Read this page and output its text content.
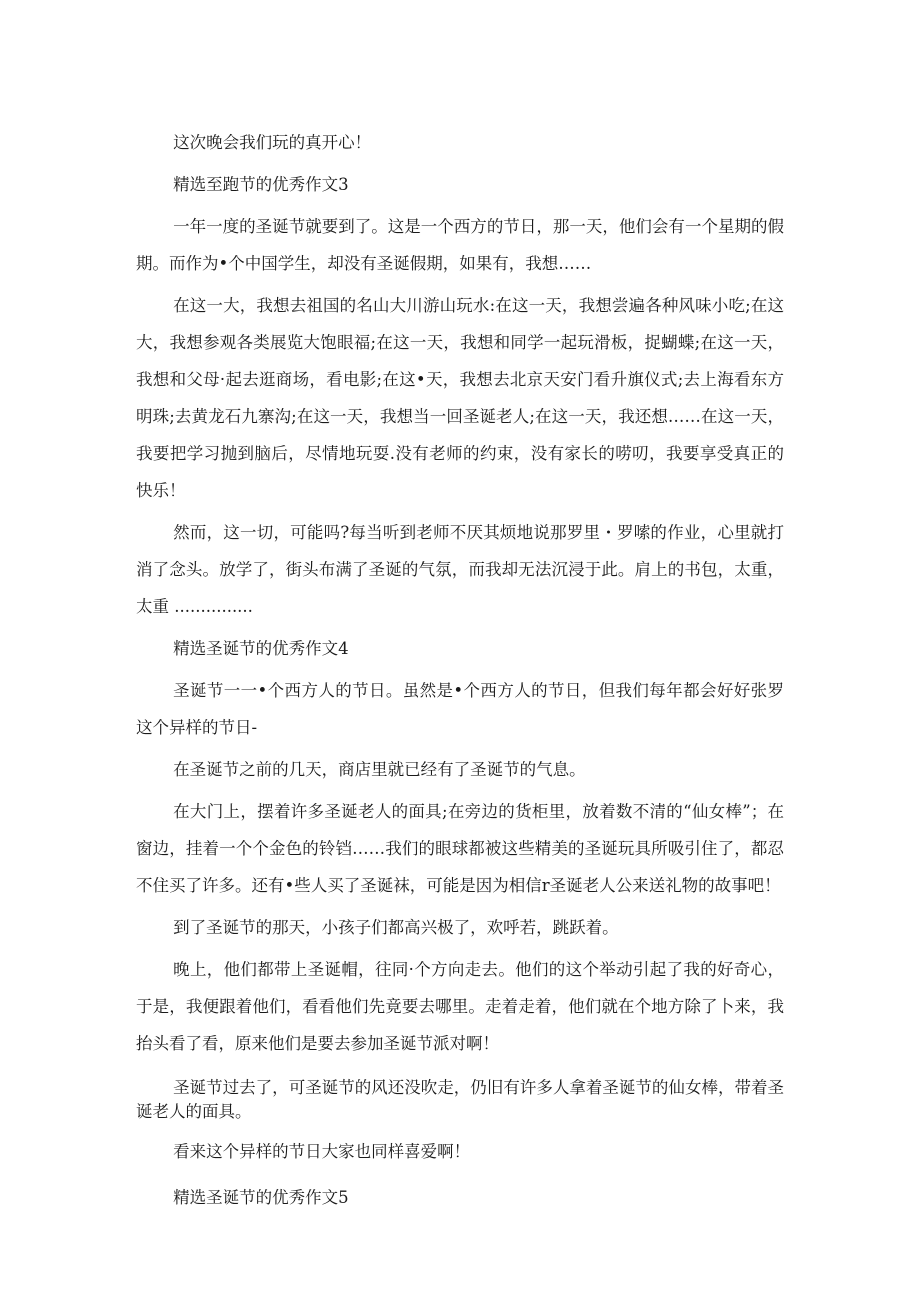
这次晚会我们玩的真开心！

精选至跑节的优秀作文3

一年一度的圣诞节就要到了。这是一个西方的节日，那一天，他们会有一个星期的假期。而作为•个中国学生，却没有圣诞假期，如果有，我想……

在这一大，我想去祖国的名山大川游山玩水:在这一天，我想尝遍各种风味小吃;在这大，我想参观各类展览大饱眼福;在这一天，我想和同学一起玩滑板，捉蝴蝶;在这一天，我想和父母·起去逛商场，看电影;在这•天，我想去北京天安门看升旗仪式;去上海看东方明珠;去黄龙石九寨沟;在这一天，我想当一回圣诞老人;在这一天，我还想……在这一天，我要把学习抛到脑后，尽情地玩耍.没有老师的约束，没有家长的唠叨，我要享受真正的快乐！

然而，这一切，可能吗?每当听到老师不厌其烦地说那罗里・罗嗦的作业，心里就打消了念头。放学了，街头布满了圣诞的气氛，而我却无法沉浸于此。肩上的书包，太重，太重 ...............

精选圣诞节的优秀作文4

圣诞节一一•个西方人的节日。虽然是•个西方人的节日，但我们每年都会好好张罗这个异样的节日-

在圣诞节之前的几天，商店里就已经有了圣诞节的气息。

在大门上，摆着许多圣诞老人的面具;在旁边的货柜里，放着数不清的“仙女棒”；在窗边，挂着一个个金色的铃铛……我们的眼球都被这些精美的圣诞玩具所吸引住了，都忍不住买了许多。还有•些人买了圣诞袜，可能是因为相信r圣诞老人公来送礼物的故事吧！

到了圣诞节的那天，小孩子们都高兴极了，欢呼若，跳跃着。

晚上，他们都带上圣诞帽，往同·个方向走去。他们的这个举动引起了我的好奇心，于是，我便跟着他们，看看他们先竟要去哪里。走着走着，他们就在个地方除了卜来，我抬头看了看，原来他们是要去参加圣诞节派对啊！

圣诞节过去了，可圣诞节的风还没吹走，仍旧有许多人拿着圣诞节的仙女棒，带着圣诞老人的面具。

看来这个异样的节日大家也同样喜爱啊！

精选圣诞节的优秀作文5
